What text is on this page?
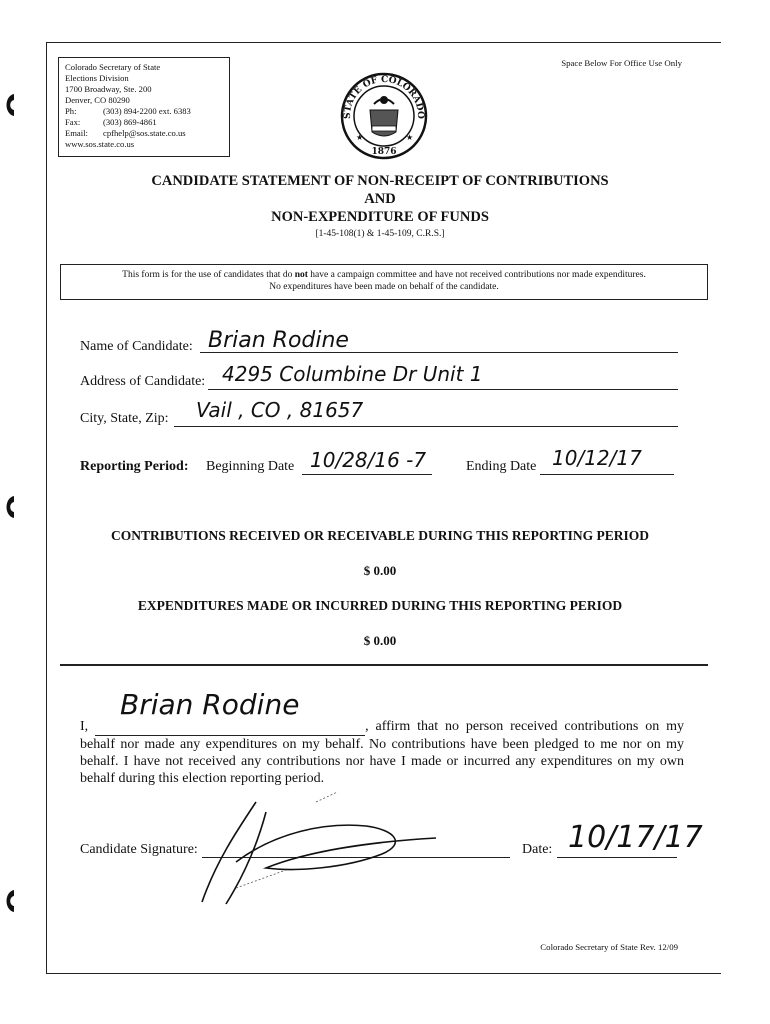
Colorado Secretary of State
Elections Division
1700 Broadway, Ste. 200
Denver, CO 80290
Ph:	(303) 894-2200 ext. 6383
Fax:	(303) 869-4861
Email: cpfhelp@sos.state.co.us
www.sos.state.co.us
STATE OF COLORADO
1876
★	★
Space Below For Office Use Only
CANDIDATE STATEMENT OF NON-RECEIPT OF CONTRIBUTIONS
AND
NON-EXPENDITURE OF FUNDS
[1-45-108(1) & 1-45-109, C.R.S.]
This form is for the use of candidates that do not have a campaign committee and have not received contributions nor made expenditures.
No expenditures have been made on behalf of the candidate.
Name of Candidate: Brian Rodine
Address of Candidate: 4295 Columbine Dr Unit 1
City, State, Zip: Vail , CO , 81657
Reporting Period: Beginning Date 10/28/16 -7	Ending Date 10/12/17
CONTRIBUTIONS RECEIVED OR RECEIVABLE DURING THIS REPORTING PERIOD
$ 0.00
EXPENDITURES MADE OR INCURRED DURING THIS REPORTING PERIOD
$ 0.00
Brian Rodine
I,	, affirm that no person received contributions on my behalf nor made any expenditures on my behalf. No contributions have been pledged to me nor on my behalf. I have not received any contributions nor have I made or incurred any expenditures on my own behalf during this election reporting period.
Candidate Signature:	Date: 10/17/17
Colorado Secretary of State Rev. 12/09
